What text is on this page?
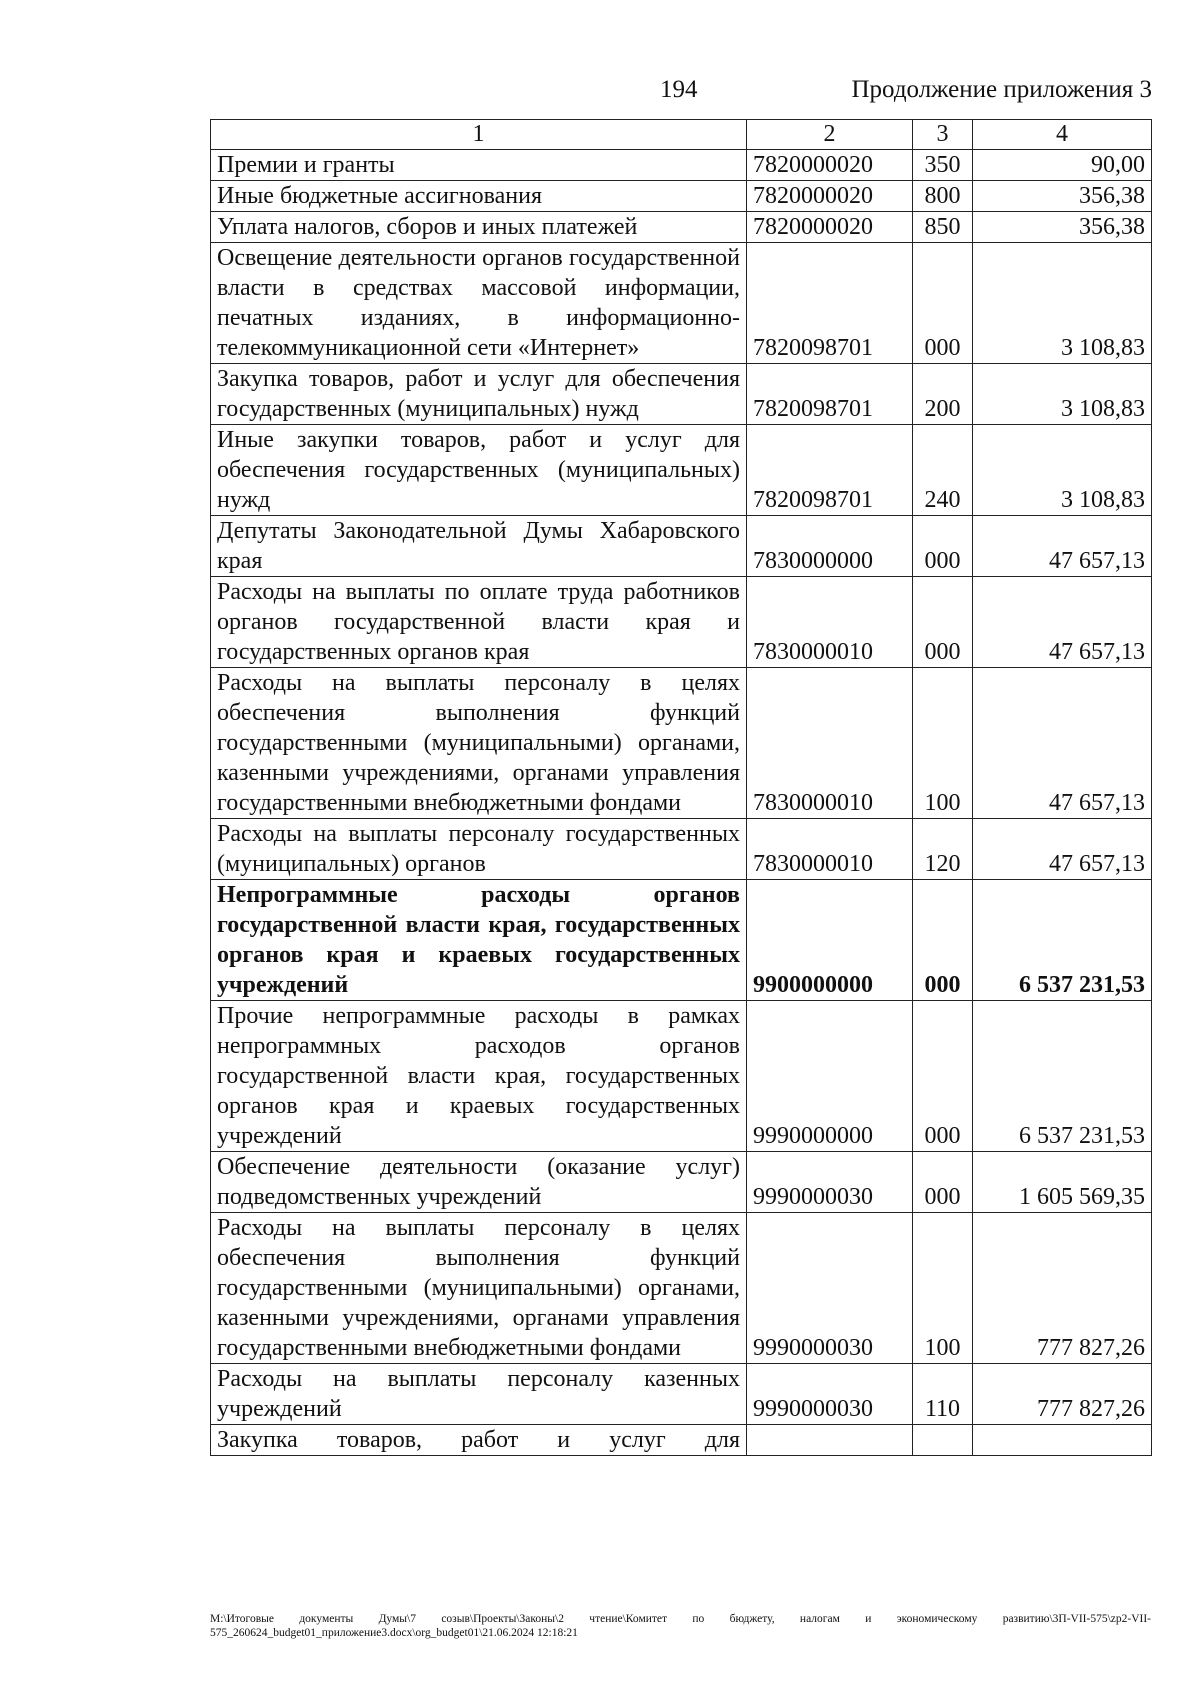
194	Продолжение приложения 3
1	2	3	4
Премии и гранты	7820000020	350	90,00
Иные бюджетные ассигнования	7820000020	800	356,38
Уплата налогов, сборов и иных платежей	7820000020	850	356,38
Освещение деятельности органов государственной власти в средствах массовой информации, печатных изданиях, в информационно-телекоммуникационной сети «Интернет»	7820098701	000	3 108,83
Закупка товаров, работ и услуг для обеспечения государственных (муниципальных) нужд	7820098701	200	3 108,83
Иные закупки товаров, работ и услуг для обеспечения государственных (муниципальных) нужд	7820098701	240	3 108,83
Депутаты Законодательной Думы Хабаровского края	7830000000	000	47 657,13
Расходы на выплаты по оплате труда работников органов государственной власти края и государственных органов края	7830000010	000	47 657,13
Расходы на выплаты персоналу в целях обеспечения выполнения функций государственными (муниципальными) органами, казенными учреждениями, органами управления государственными внебюджетными фондами	7830000010	100	47 657,13
Расходы на выплаты персоналу государственных (муниципальных) органов	7830000010	120	47 657,13
Непрограммные расходы органов государственной власти края, государственных органов края и краевых государственных учреждений	9900000000	000	6 537 231,53
Прочие непрограммные расходы в рамках непрограммных расходов органов государственной власти края, государственных органов края и краевых государственных учреждений	9990000000	000	6 537 231,53
Обеспечение деятельности (оказание услуг) подведомственных учреждений	9990000030	000	1 605 569,35
Расходы на выплаты персоналу в целях обеспечения выполнения функций государственными (муниципальными) органами, казенными учреждениями, органами управления государственными внебюджетными фондами	9990000030	100	777 827,26
Расходы на выплаты персоналу казенных учреждений	9990000030	110	777 827,26
Закупка товаров, работ и услуг для			
M:\Итоговые документы Думы\7 созыв\Проекты\Законы\2 чтение\Комитет по бюджету, налогам и экономическому развитию\3П-VII-575\zp2-VII-575_260624_budget01_приложение3.docx\org_budget01\21.06.2024 12:18:21
